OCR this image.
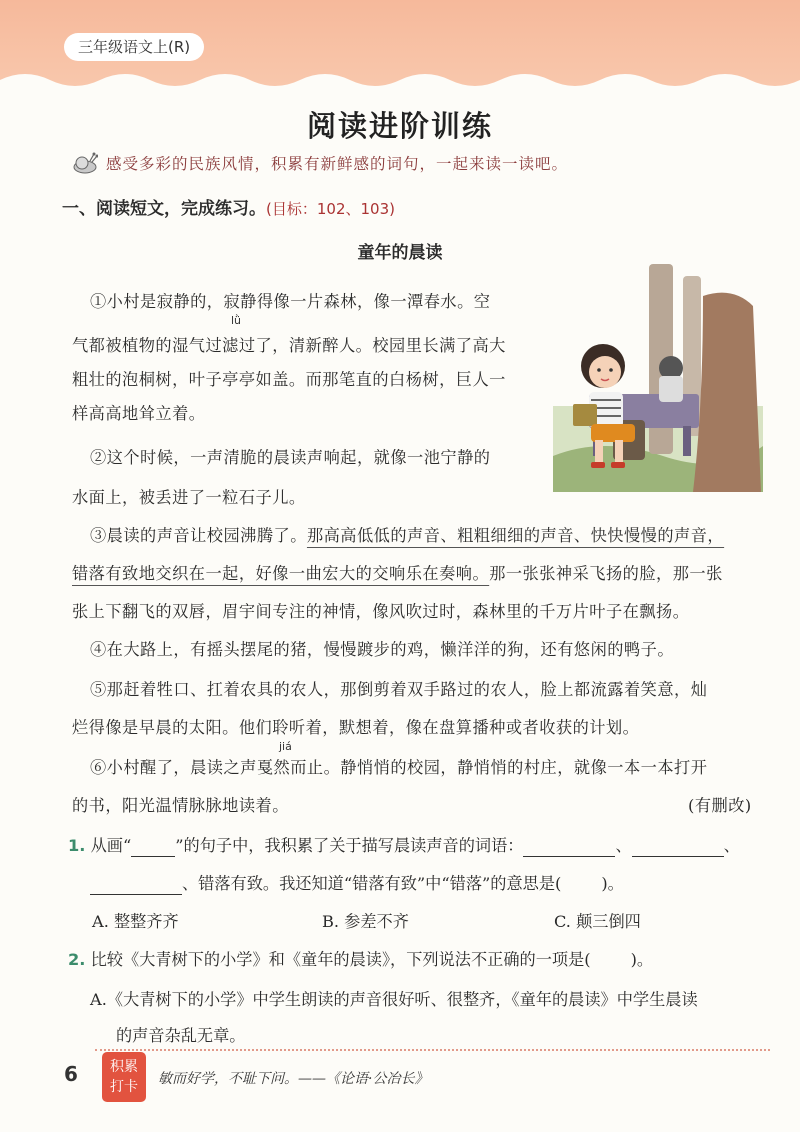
三年级语文上(R)
阅读进阶训练
感受多彩的民族风情，积累有新鲜感的词句，一起来读一读吧。
一、阅读短文，完成练习。(目标：102、103)
童年的晨读
①小村是寂静的，寂静得像一片森林，像一潭春水。空
lǜ
气都被植物的湿气过滤过了，清新醉人。校园里长满了高大
粗壮的泡桐树，叶子亭亭如盖。而那笔直的白杨树，巨人一
样高高地耸立着。
②这个时候，一声清脆的晨读声响起，就像一池宁静的
水面上，被丢进了一粒石子儿。
③晨读的声音让校园沸腾了。那高高低低的声音、粗粗细细的声音、快快慢慢的声音，
错落有致地交织在一起，好像一曲宏大的交响乐在奏响。那一张张神采飞扬的脸，那一张
张上下翻飞的双唇，眉宇间专注的神情，像风吹过时，森林里的千万片叶子在飘扬。
④在大路上，有摇头摆尾的猪，慢慢踱步的鸡，懒洋洋的狗，还有悠闲的鸭子。
⑤那赶着牲口、扛着农具的农人，那倒剪着双手路过的农人，脸上都流露着笑意，灿
烂得像是早晨的太阳。他们聆听着，默想着，像在盘算播种或者收获的计划。
jiá
⑥小村醒了，晨读之声戛然而止。静悄悄的校园，静悄悄的村庄，就像一本一本打开
的书，阳光温情脉脉地读着。	(有删改)
1. 从画“	”的句子中，我积累了关于描写晨读声音的词语：	、	、
、错落有致。我还知道“错落有致”中“错落”的意思是( )。
A. 整整齐齐	B. 参差不齐	C. 颠三倒四
2. 比较《大青树下的小学》和《童年的晨读》，下列说法不正确的一项是( )。
A.《大青树下的小学》中学生朗读的声音很好听、很整齐，《童年的晨读》中学生晨读
的声音杂乱无章。
6	积累
打卡	敏而好学，不耻下问。——《论语·公冶长》
